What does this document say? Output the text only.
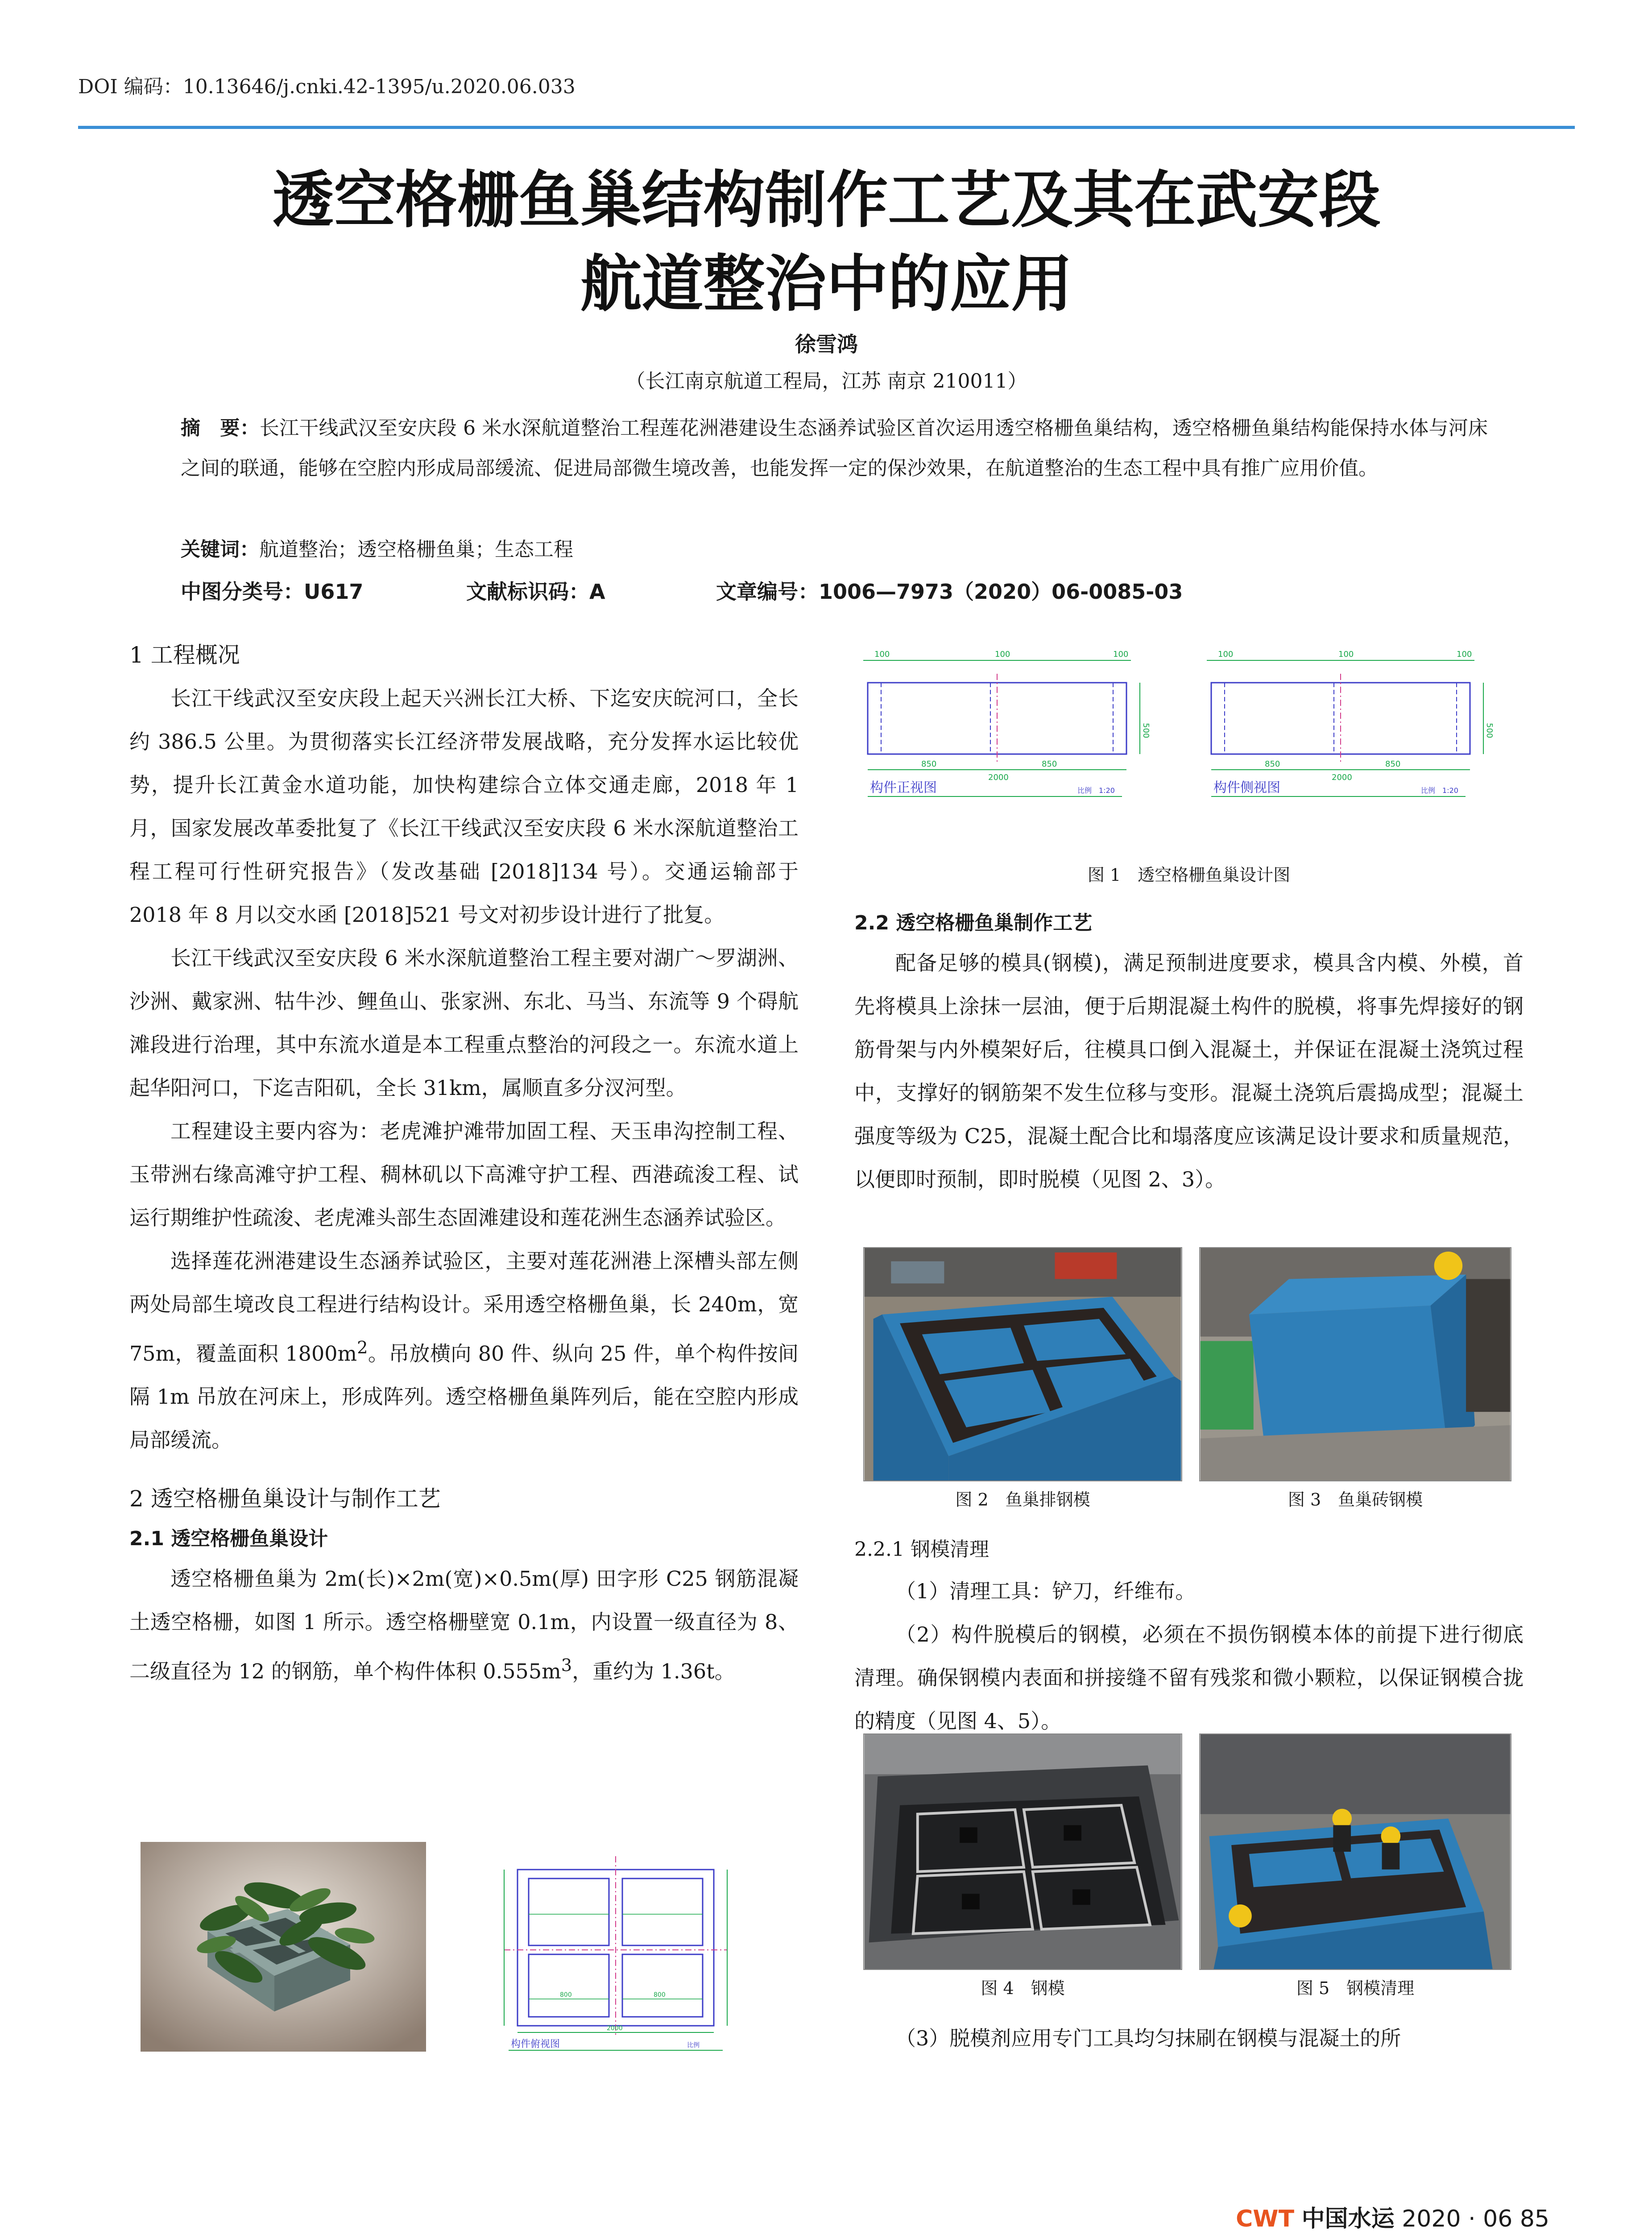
DOI 编码：10.13646/j.cnki.42-1395/u.2020.06.033
透空格栅鱼巢结构制作工艺及其在武安段
航道整治中的应用
徐雪鸿
（长江南京航道工程局，江苏 南京 210011）
摘　要：长江干线武汉至安庆段 6 米水深航道整治工程莲花洲港建设生态涵养试验区首次运用透空格栅鱼巢结构，透空格栅鱼巢结构能保持水体与河床之间的联通，能够在空腔内形成局部缓流、促进局部微生境改善，也能发挥一定的保沙效果，在航道整治的生态工程中具有推广应用价值。
关键词：航道整治；透空格栅鱼巢；生态工程
中图分类号：U617	文献标识码：A	文章编号：1006—7973（2020）06-0085-03
1 工程概况

长江干线武汉至安庆段上起天兴洲长江大桥、下迄安庆皖河口，全长约 386.5 公里。为贯彻落实长江经济带发展战略，充分发挥水运比较优势，提升长江黄金水道功能，加快构建综合立体交通走廊，2018 年 1 月，国家发展改革委批复了《长江干线武汉至安庆段 6 米水深航道整治工程工程可行性研究报告》（发改基础 [2018]134 号）。交通运输部于 2018 年 8 月以交水函 [2018]521 号文对初步设计进行了批复。

长江干线武汉至安庆段 6 米水深航道整治工程主要对湖广～罗湖洲、沙洲、戴家洲、牯牛沙、鲤鱼山、张家洲、东北、马当、东流等 9 个碍航滩段进行治理，其中东流水道是本工程重点整治的河段之一。东流水道上起华阳河口，下迄吉阳矶，全长 31km，属顺直多分汊河型。

工程建设主要内容为：老虎滩护滩带加固工程、天玉串沟控制工程、玉带洲右缘高滩守护工程、稠林矶以下高滩守护工程、西港疏浚工程、试运行期维护性疏浚、老虎滩头部生态固滩建设和莲花洲生态涵养试验区。

选择莲花洲港建设生态涵养试验区，主要对莲花洲港上深槽头部左侧两处局部生境改良工程进行结构设计。采用透空格栅鱼巢，长 240m，宽 75m，覆盖面积 $1800m^2$。吊放横向 80 件、纵向 25 件，单个构件按间隔 1m 吊放在河床上，形成阵列。透空格栅鱼巢阵列后，能在空腔内形成局部缓流。

2 透空格栅鱼巢设计与制作工艺
2.1 透空格栅鱼巢设计

透空格栅鱼巢为 2m(长)×2m(宽)×0.5m(厚) 田字形 C25 钢筋混凝土透空格栅，如图 1 所示。透空格栅壁宽 0.1m，内设置一级直径为 8、二级直径为 12 的钢筋，单个构件体积 $0.555m^3$，重约为 1.36t。

100	100	100
500
850	850
2000
构件正视图	比例　1:20
100	100	100
500
850	850
2000
构件侧视图	比例　1:20
图 1　透空格栅鱼巢设计图
2.2 透空格栅鱼巢制作工艺

配备足够的模具(钢模)，满足预制进度要求，模具含内模、外模，首先将模具上涂抹一层油，便于后期混凝土构件的脱模，将事先焊接好的钢筋骨架与内外模架好后，往模具口倒入混凝土，并保证在混凝土浇筑过程中，支撑好的钢筋架不发生位移与变形。混凝土浇筑后震捣成型；混凝土强度等级为 C25，混凝土配合比和塌落度应该满足设计要求和质量规范，以便即时预制，即时脱模（见图 2、3）。

图 2　鱼巢排钢模	图 3　鱼巢砖钢模
2.2.1 钢模清理

（1）清理工具：铲刀，纤维布。

（2）构件脱模后的钢模，必须在不损伤钢模本体的前提下进行彻底清理。确保钢模内表面和拼接缝不留有残浆和微小颗粒，以保证钢模合拢的精度（见图 4、5）。

图 4　钢模	图 5　钢模清理

（3）脱模剂应用专门工具均匀抹刷在钢模与混凝土的所

800	800
2000
构件俯视图	比例
CWT 中国水运 2020 · 06 85
